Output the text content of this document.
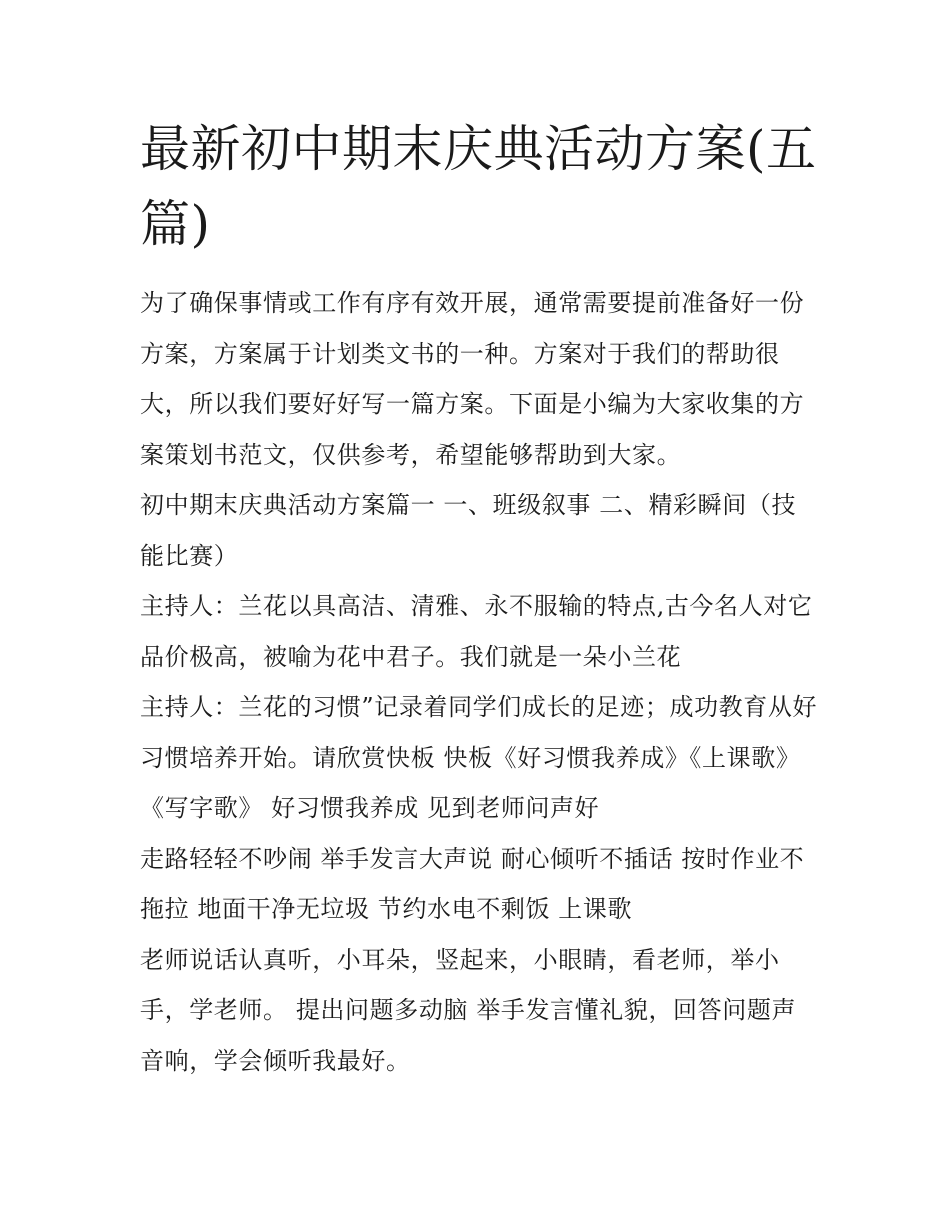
最新初中期末庆典活动方案(五篇)

为了确保事情或工作有序有效开展，通常需要提前准备好一份方案，方案属于计划类文书的一种。方案对于我们的帮助很大，所以我们要好好写一篇方案。下面是小编为大家收集的方案策划书范文，仅供参考，希望能够帮助到大家。

初中期末庆典活动方案篇一 一、班级叙事 二、精彩瞬间（技能比赛）

主持人：兰花以具高洁、清雅、永不服输的特点,古今名人对它品价极高，被喻为花中君子。我们就是一朵小兰花

主持人：兰花的习惯”记录着同学们成长的足迹；成功教育从好习惯培养开始。请欣赏快板 快板《好习惯我养成》《上课歌》《写字歌》 好习惯我养成 见到老师问声好

走路轻轻不吵闹 举手发言大声说 耐心倾听不插话 按时作业不拖拉 地面干净无垃圾 节约水电不剩饭 上课歌

老师说话认真听，小耳朵，竖起来，小眼睛，看老师，举小手，学老师。 提出问题多动脑 举手发言懂礼貌，回答问题声音响，学会倾听我最好。
